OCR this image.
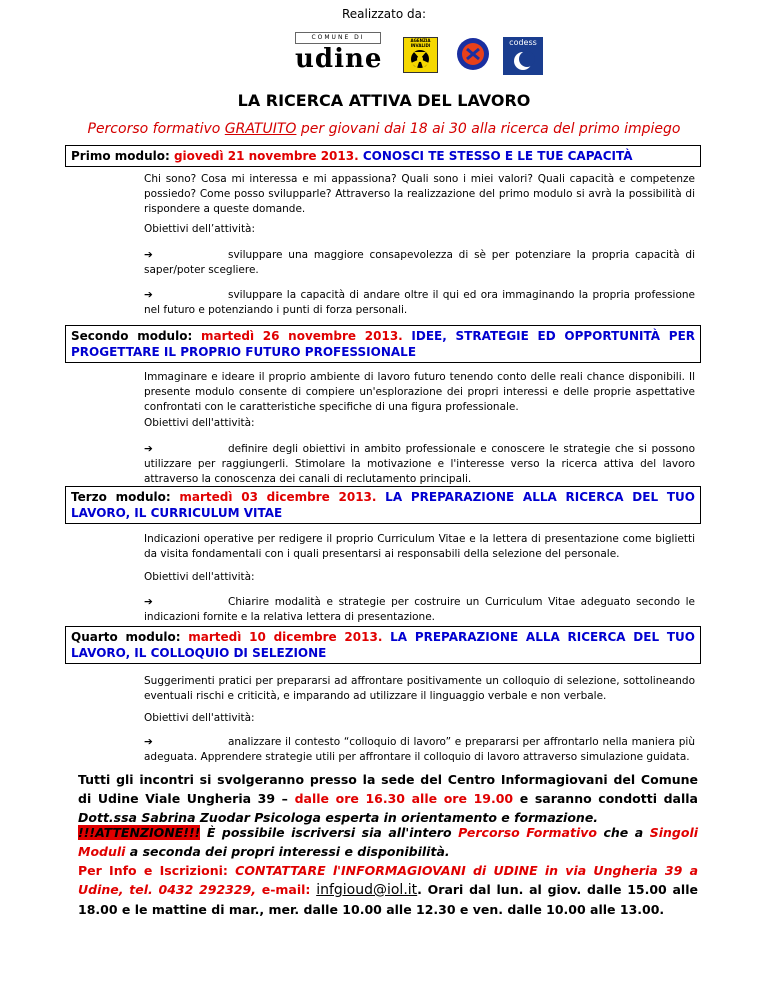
Realizzato da:
COMUNE DI
udine
AGENZIA INVALIDI	codess
LA RICERCA ATTIVA DEL LAVORO
Percorso formativo GRATUITO per giovani dai 18 ai 30 alla ricerca del primo impiego
Primo modulo: giovedì 21 novembre 2013. CONOSCI TE STESSO E LE TUE CAPACITÀ
Chi sono? Cosa mi interessa e mi appassiona? Quali sono i miei valori? Quali capacità e competenze possiedo? Come posso svilupparle? Attraverso la realizzazione del primo modulo si avrà la possibilità di rispondere a queste domande.
Obiettivi dell’attività:
➔	sviluppare una maggiore consapevolezza di sè per potenziare la propria capacità di saper/poter scegliere.
➔	sviluppare la capacità di andare oltre il qui ed ora immaginando la propria professione nel futuro e potenziando i punti di forza personali.
Secondo modulo: martedì 26 novembre 2013. IDEE, STRATEGIE ED OPPORTUNITÀ PER PROGETTARE IL PROPRIO FUTURO PROFESSIONALE
Immaginare e ideare il proprio ambiente di lavoro futuro tenendo conto delle reali chance disponibili. Il presente modulo consente di compiere un'esplorazione dei propri interessi e delle proprie aspettative confrontati con le caratteristiche specifiche di una figura professionale.
Obiettivi dell'attività:
➔	definire degli obiettivi in ambito professionale e conoscere le strategie che si possono utilizzare per raggiungerli. Stimolare la motivazione e l'interesse verso la ricerca attiva del lavoro attraverso la conoscenza dei canali di reclutamento principali.
Terzo modulo: martedì 03 dicembre 2013. LA PREPARAZIONE ALLA RICERCA DEL TUO LAVORO, IL CURRICULUM VITAE
Indicazioni operative per redigere il proprio Curriculum Vitae e la lettera di presentazione come biglietti da visita fondamentali con i quali presentarsi ai responsabili della selezione del personale.
Obiettivi dell'attività:
➔	Chiarire modalità e strategie per costruire un Curriculum Vitae adeguato secondo le indicazioni fornite e la relativa lettera di presentazione.
Quarto modulo: martedì 10 dicembre 2013. LA PREPARAZIONE ALLA RICERCA DEL TUO LAVORO, IL COLLOQUIO DI SELEZIONE
Suggerimenti pratici per prepararsi ad affrontare positivamente un colloquio di selezione, sottolineando eventuali rischi e criticità, e imparando ad utilizzare il linguaggio verbale e non verbale.
Obiettivi dell'attività:
➔	analizzare il contesto “colloquio di lavoro” e prepararsi per affrontarlo nella maniera più adeguata. Apprendere strategie utili per affrontare il colloquio di lavoro attraverso simulazione guidata.
Tutti gli incontri si svolgeranno presso la sede del Centro Informagiovani del Comune di Udine Viale Ungheria 39 – dalle ore 16.30 alle ore 19.00 e saranno condotti dalla Dott.ssa Sabrina Zuodar Psicologa esperta in orientamento e formazione.
!!!ATTENZIONE!!! È possibile iscriversi sia all'intero Percorso Formativo che a Singoli Moduli a seconda dei propri interessi e disponibilità.
Per Info e Iscrizioni: CONTATTARE l'INFORMAGIOVANI di UDINE in via Ungheria 39 a Udine, tel. 0432 292329, e-mail: infgioud@iol.it. Orari dal lun. al giov. dalle 15.00 alle 18.00 e le mattine di mar., mer. dalle 10.00 alle 12.30 e ven. dalle 10.00 alle 13.00.
